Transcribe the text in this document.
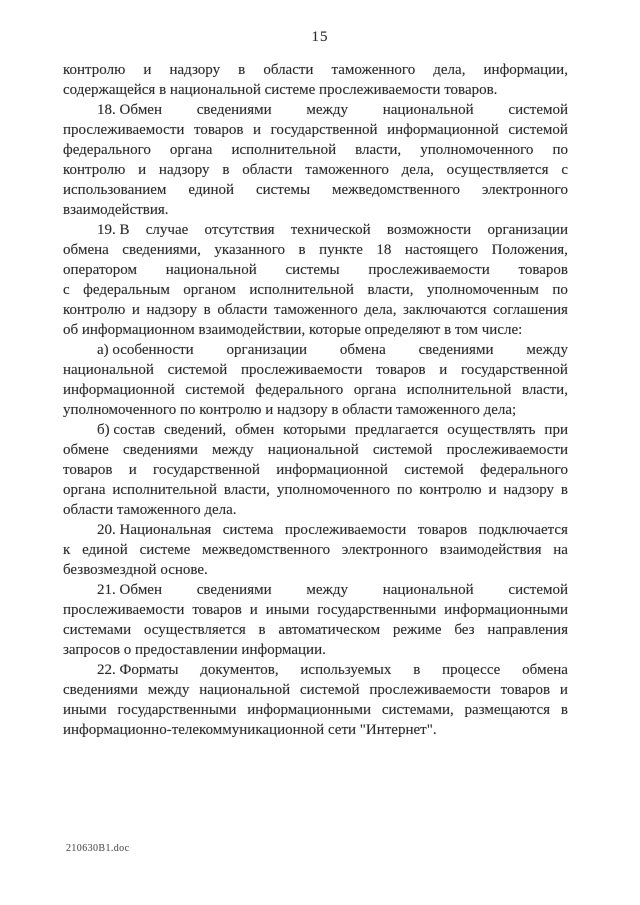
15
контролю и надзору в области таможенного дела, информации,
содержащейся в национальной системе прослеживаемости товаров.
18. Обмен сведениями между национальной системой
прослеживаемости товаров и государственной информационной системой
федерального органа исполнительной власти, уполномоченного по
контролю и надзору в области таможенного дела, осуществляется с
использованием единой системы межведомственного электронного
взаимодействия.
19. В случае отсутствия технической возможности организации
обмена сведениями, указанного в пункте 18 настоящего Положения,
оператором национальной системы прослеживаемости товаров
с федеральным органом исполнительной власти, уполномоченным по
контролю и надзору в области таможенного дела, заключаются соглашения
об информационном взаимодействии, которые определяют в том числе:
а) особенности организации обмена сведениями между
национальной системой прослеживаемости товаров и государственной
информационной системой федерального органа исполнительной власти,
уполномоченного по контролю и надзору в области таможенного дела;
б) состав сведений, обмен которыми предлагается осуществлять при
обмене сведениями между национальной системой прослеживаемости
товаров и государственной информационной системой федерального
органа исполнительной власти, уполномоченного по контролю и надзору в
области таможенного дела.
20. Национальная система прослеживаемости товаров подключается
к единой системе межведомственного электронного взаимодействия на
безвозмездной основе.
21. Обмен сведениями между национальной системой
прослеживаемости товаров и иными государственными информационными
системами осуществляется в автоматическом режиме без направления
запросов о предоставлении информации.
22. Форматы документов, используемых в процессе обмена
сведениями между национальной системой прослеживаемости товаров и
иными государственными информационными системами, размещаются в
информационно-телекоммуникационной сети "Интернет".
210630B1.doc
